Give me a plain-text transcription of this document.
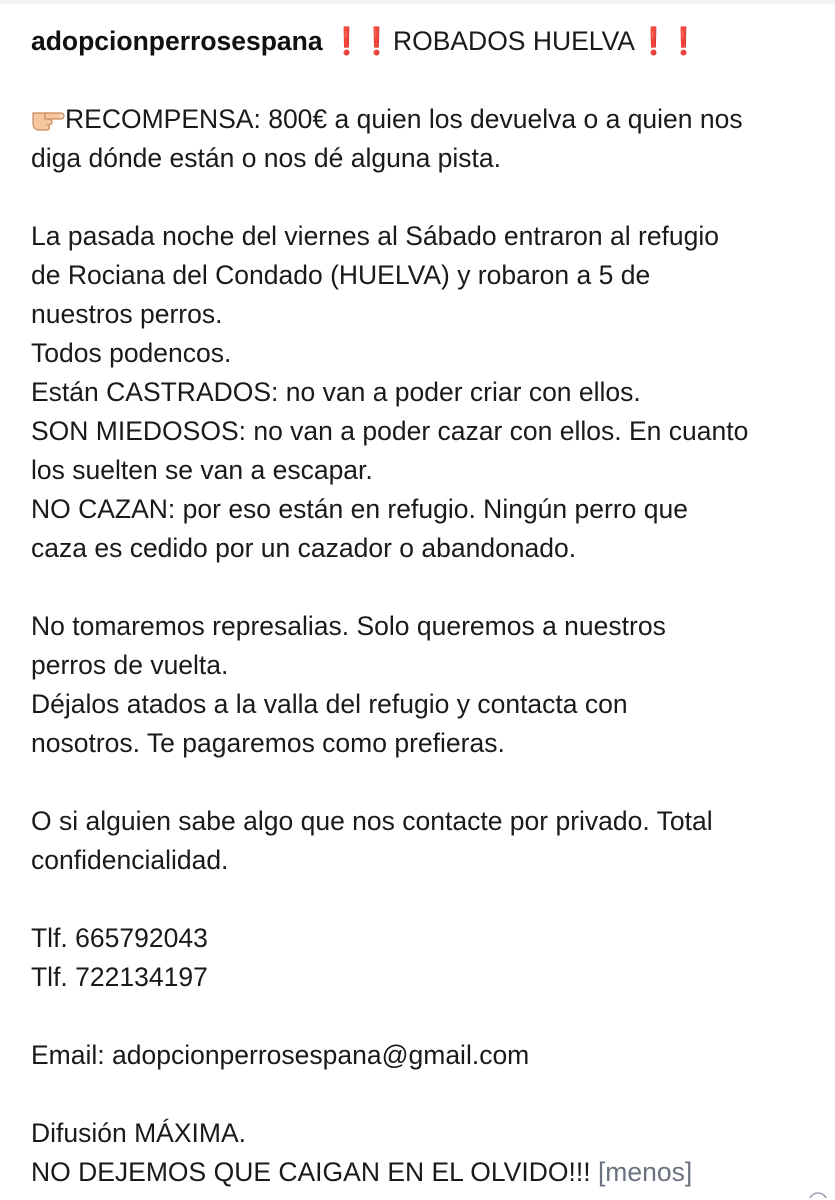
adopcionperrosespana ❗❗ ROBADOS HUELVA❗❗
RECOMPENSA: 800€ a quien los devuelva o a quien nos
diga dónde están o nos dé alguna pista.
La pasada noche del viernes al Sábado entraron al refugio
de Rociana del Condado (HUELVA) y robaron a 5 de
nuestros perros.
Todos podencos.
Están CASTRADOS: no van a poder criar con ellos.
SON MIEDOSOS: no van a poder cazar con ellos. En cuanto
los suelten se van a escapar.
NO CAZAN: por eso están en refugio. Ningún perro que
caza es cedido por un cazador o abandonado.
No tomaremos represalias. Solo queremos a nuestros
perros de vuelta.
Déjalos atados a la valla del refugio y contacta con
nosotros. Te pagaremos como prefieras.
O si alguien sabe algo que nos contacte por privado. Total
confidencialidad.
Tlf. 665792043
Tlf. 722134197
Email: adopcionperrosespana@gmail.com
Difusión MÁXIMA.
NO DEJEMOS QUE CAIGAN EN EL OLVIDO!!! [menos]
